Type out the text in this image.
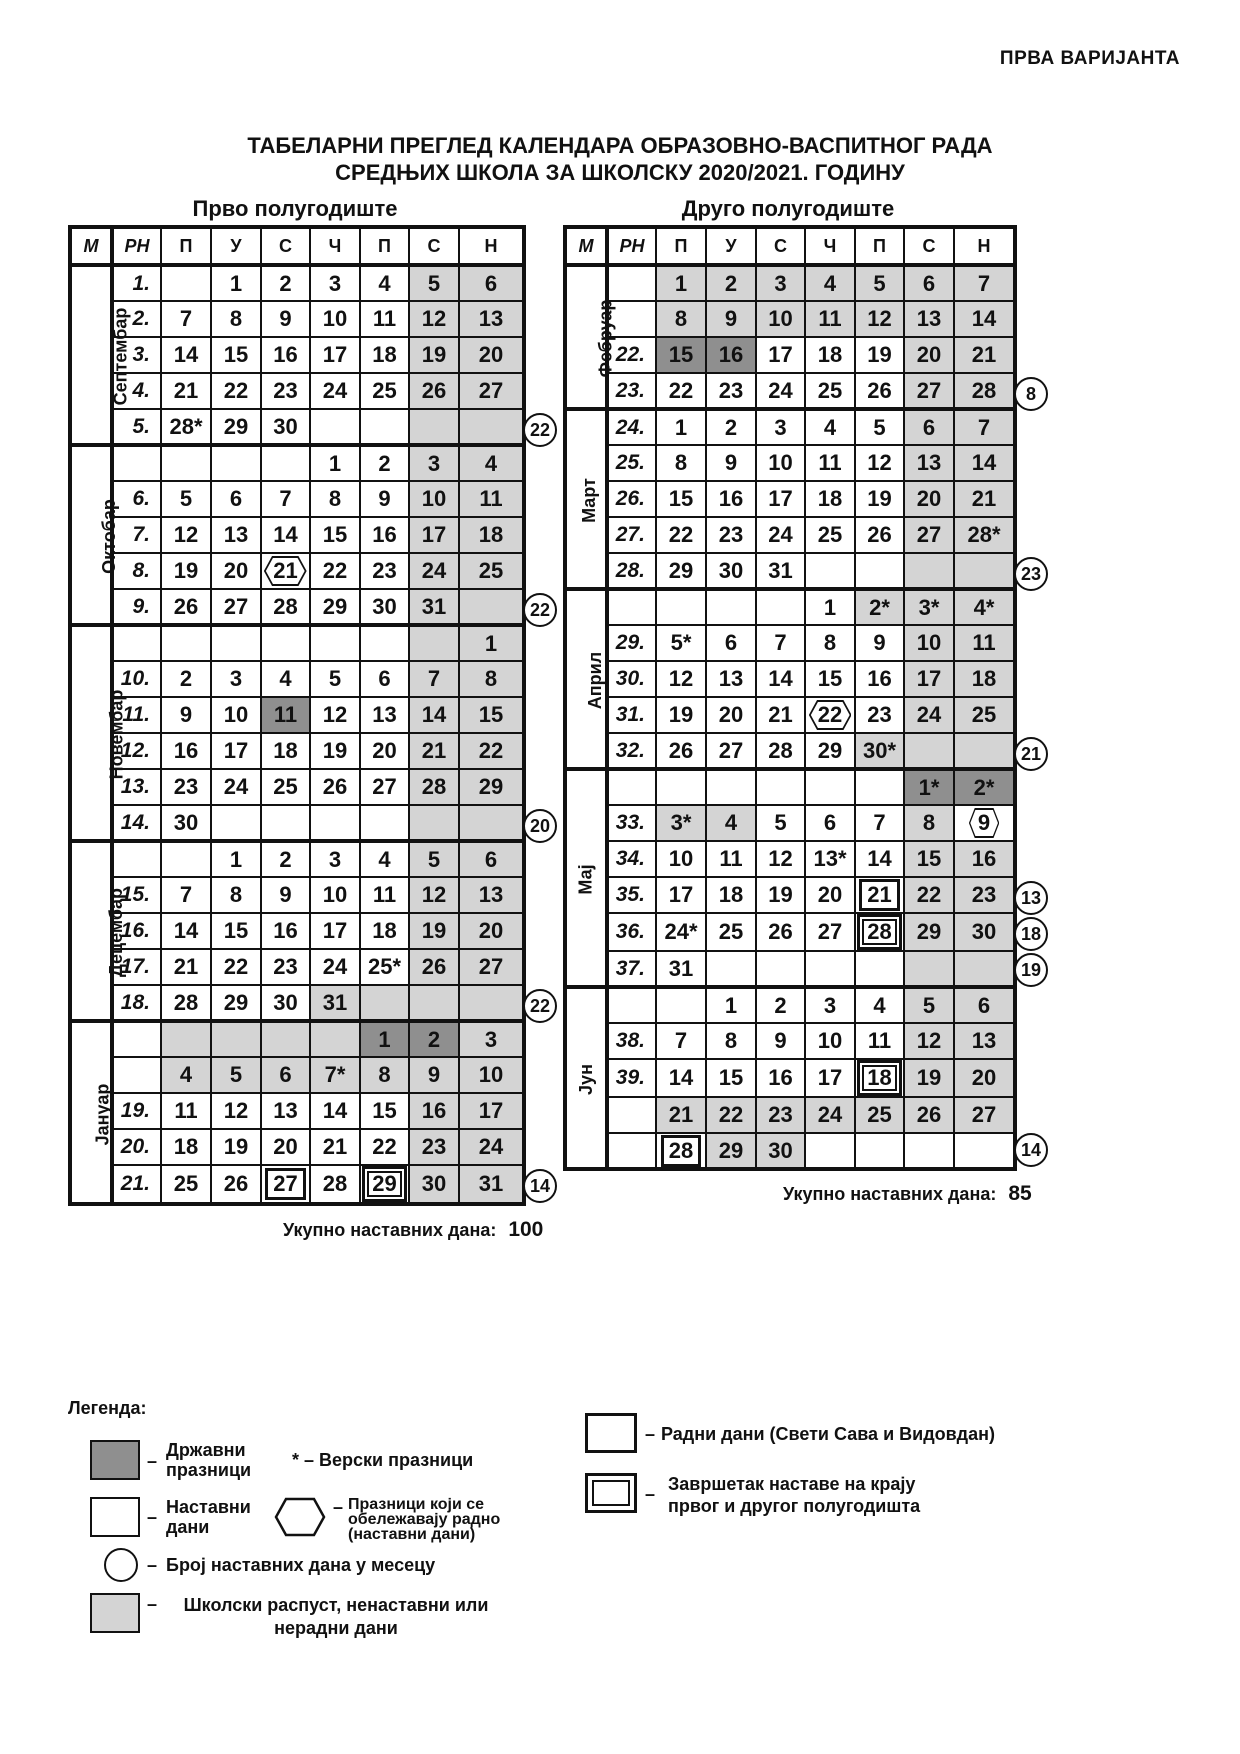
ПРВА ВАРИЈАНТА
ТАБЕЛАРНИ ПРЕГЛЕД КАЛЕНДАРА ОБРАЗОВНО-ВАСПИТНОГ РАДА
СРЕДЊИХ ШКОЛА ЗА ШКОЛСКУ 2020/2021. ГОДИНУ
Прво полугодиште	Друго полугодиште
М	РН	П	У	С	Ч	П	С	Н
Септембар	1.		1	2	3	4	5	6
	2.	7	8	9	10	11	12	13
	3.	14	15	16	17	18	19	20
	4.	21	22	23	24	25	26	27
	5.	28*	29	30				
Октобар					1	2	3	4
	6.	5	6	7	8	9	10	11
	7.	12	13	14	15	16	17	18
	8.	19	20	21	22	23	24	25
	9.	26	27	28	29	30	31	
Новембар								1
	10.	2	3	4	5	6	7	8
	11.	9	10	11	12	13	14	15
	12.	16	17	18	19	20	21	22
	13.	23	24	25	26	27	28	29
	14.	30						
Децембар			1	2	3	4	5	6
	15.	7	8	9	10	11	12	13
	16.	14	15	16	17	18	19	20
	17.	21	22	23	24	25*	26	27
	18.	28	29	30	31			
Јануар						1	2	3
		4	5	6	7*	8	9	10
	19.	11	12	13	14	15	16	17
	20.	18	19	20	21	22	23	24
	21.	25	26	27	28	29	30	31
М	РН	П	У	С	Ч	П	С	Н
Фебруар		1	2	3	4	5	6	7
		8	9	10	11	12	13	14
	22.	15	16	17	18	19	20	21
	23.	22	23	24	25	26	27	28
Март	24.	1	2	3	4	5	6	7
	25.	8	9	10	11	12	13	14
	26.	15	16	17	18	19	20	21
	27.	22	23	24	25	26	27	28*
	28.	29	30	31				
Април					1	2*	3*	4*
	29.	5*	6	7	8	9	10	11
	30.	12	13	14	15	16	17	18
	31.	19	20	21	22	23	24	25
	32.	26	27	28	29	30*		
Мај							1*	2*
	33.	3*	4	5	6	7	8	9
	34.	10	11	12	13*	14	15	16
	35.	17	18	19	20	21	22	23
	36.	24*	25	26	27	28	29	30
	37.	31						
Јун			1	2	3	4	5	6
	38.	7	8	9	10	11	12	13
	39.	14	15	16	17	18	19	20
		21	22	23	24	25	26	27
		28	29	30				
22
22
20
22
14
8
23
21
13
18
19
14
Укупно наставних дана: 100
Укупно наставних дана: 85
Легенда:
–
Државни празници	* – Верски празници
– Настaвни дани
– Празници који се обележавају радно (наставни дани)
– Број наставних дана у месецу
–	Школски распуст, ненаставни или нерадни дани
– Радни дани (Свети Сава и Видовдан)
– Завршетак наставе на крају првог и другог полугодишта
